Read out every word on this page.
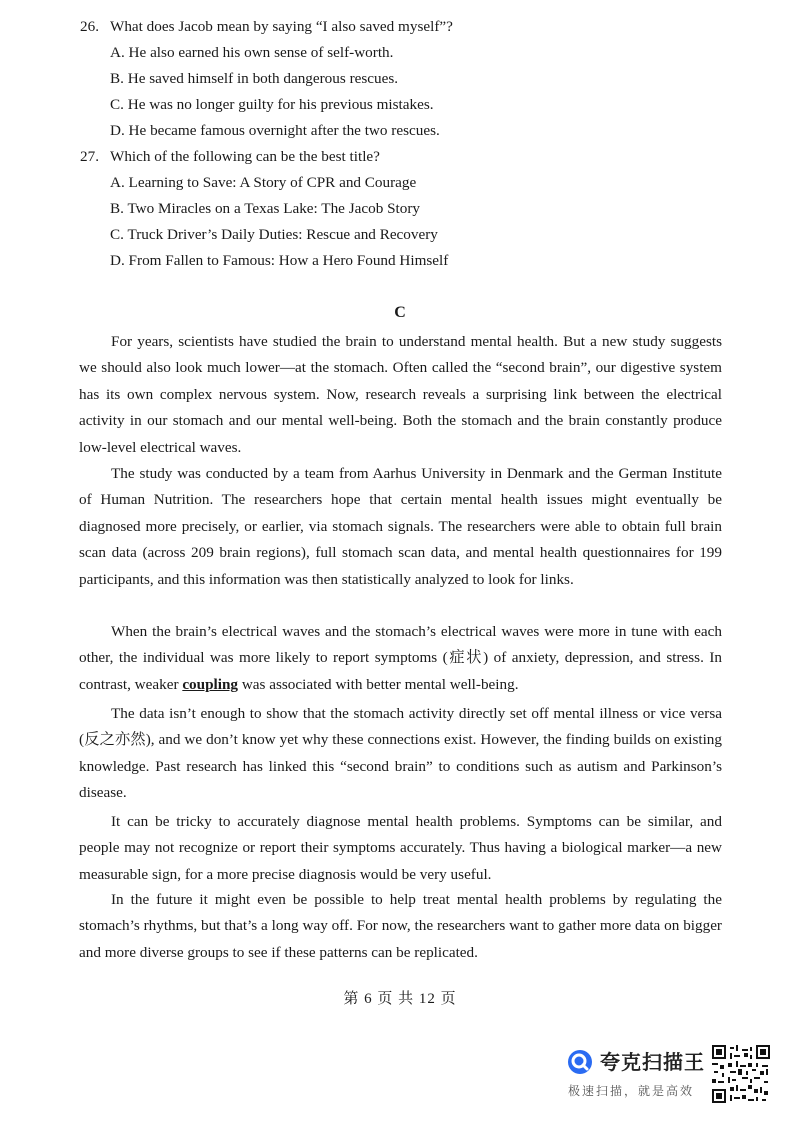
26. What does Jacob mean by saying “I also saved myself”?
A. He also earned his own sense of self-worth.
B. He saved himself in both dangerous rescues.
C. He was no longer guilty for his previous mistakes.
D. He became famous overnight after the two rescues.
27. Which of the following can be the best title?
A. Learning to Save: A Story of CPR and Courage
B. Two Miracles on a Texas Lake: The Jacob Story
C. Truck Driver’s Daily Duties: Rescue and Recovery
D. From Fallen to Famous: How a Hero Found Himself
C
For years, scientists have studied the brain to understand mental health. But a new study suggests we should also look much lower—at the stomach. Often called the “second brain”, our digestive system has its own complex nervous system. Now, research reveals a surprising link between the electrical activity in our stomach and our mental well-being. Both the stomach and the brain constantly produce low-level electrical waves.
The study was conducted by a team from Aarhus University in Denmark and the German Institute of Human Nutrition. The researchers hope that certain mental health issues might eventually be diagnosed more precisely, or earlier, via stomach signals. The researchers were able to obtain full brain scan data (across 209 brain regions), full stomach scan data, and mental health questionnaires for 199 participants, and this information was then statistically analyzed to look for links.
When the brain’s electrical waves and the stomach’s electrical waves were more in tune with each other, the individual was more likely to report symptoms (症状) of anxiety, depression, and stress. In contrast, weaker coupling was associated with better mental well-being.
The data isn’t enough to show that the stomach activity directly set off mental illness or vice versa (反之亦然), and we don’t know yet why these connections exist. However, the finding builds on existing knowledge. Past research has linked this “second brain” to conditions such as autism and Parkinson’s disease.
It can be tricky to accurately diagnose mental health problems. Symptoms can be similar, and people may not recognize or report their symptoms accurately. Thus having a biological marker—a new measurable sign, for a more precise diagnosis would be very useful.
In the future it might even be possible to help treat mental health problems by regulating the stomach’s rhythms, but that’s a long way off. For now, the researchers want to gather more data on bigger and more diverse groups to see if these patterns can be replicated.
第 6 页 共 12 页
夸克扫描王
极速扫描，就是高效
